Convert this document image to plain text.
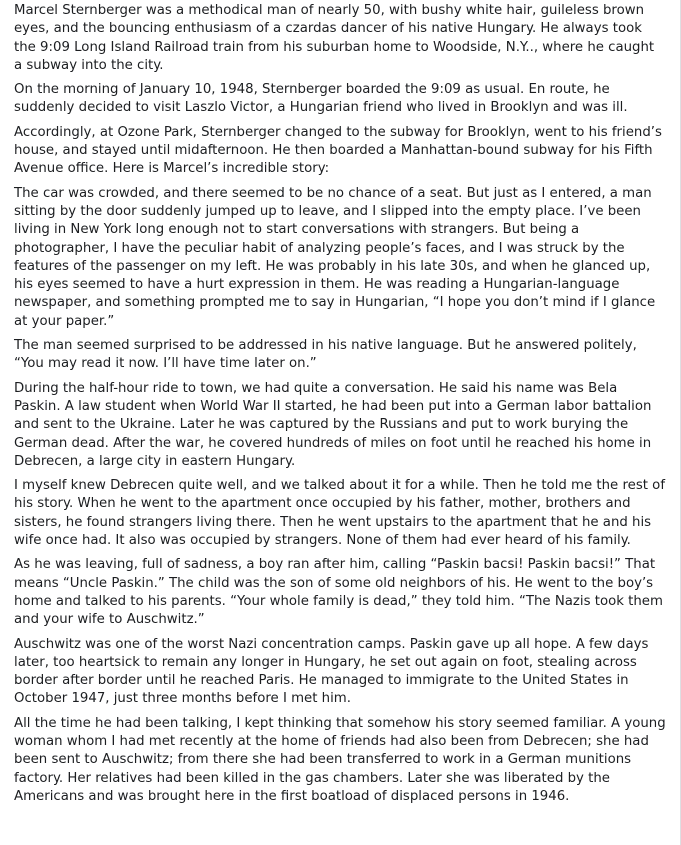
Marcel Sternberger was a methodical man of nearly 50, with bushy white hair, guileless brown eyes, and the bouncing enthusiasm of a czardas dancer of his native Hungary. He always took the 9:09 Long Island Railroad train from his suburban home to Woodside, N.Y.., where he caught a subway into the city.

On the morning of January 10, 1948, Sternberger boarded the 9:09 as usual. En route, he suddenly decided to visit Laszlo Victor, a Hungarian friend who lived in Brooklyn and was ill.

Accordingly, at Ozone Park, Sternberger changed to the subway for Brooklyn, went to his friend’s house, and stayed until midafternoon. He then boarded a Manhattan-bound subway for his Fifth Avenue office. Here is Marcel’s incredible story:

The car was crowded, and there seemed to be no chance of a seat. But just as I entered, a man sitting by the door suddenly jumped up to leave, and I slipped into the empty place. I’ve been living in New York long enough not to start conversations with strangers. But being a photographer, I have the peculiar habit of analyzing people’s faces, and I was struck by the features of the passenger on my left. He was probably in his late 30s, and when he glanced up, his eyes seemed to have a hurt expression in them. He was reading a Hungarian-language newspaper, and something prompted me to say in Hungarian, “I hope you don’t mind if I glance at your paper.”

The man seemed surprised to be addressed in his native language. But he answered politely, “You may read it now. I’ll have time later on.”

During the half-hour ride to town, we had quite a conversation. He said his name was Bela Paskin. A law student when World War II started, he had been put into a German labor battalion and sent to the Ukraine. Later he was captured by the Russians and put to work burying the German dead. After the war, he covered hundreds of miles on foot until he reached his home in Debrecen, a large city in eastern Hungary.

I myself knew Debrecen quite well, and we talked about it for a while. Then he told me the rest of his story. When he went to the apartment once occupied by his father, mother, brothers and sisters, he found strangers living there. Then he went upstairs to the apartment that he and his wife once had. It also was occupied by strangers. None of them had ever heard of his family.

As he was leaving, full of sadness, a boy ran after him, calling “Paskin bacsi! Paskin bacsi!” That means “Uncle Paskin.” The child was the son of some old neighbors of his. He went to the boy’s home and talked to his parents. “Your whole family is dead,” they told him. “The Nazis took them and your wife to Auschwitz.”

Auschwitz was one of the worst Nazi concentration camps. Paskin gave up all hope. A few days later, too heartsick to remain any longer in Hungary, he set out again on foot, stealing across border after border until he reached Paris. He managed to immigrate to the United States in October 1947, just three months before I met him.

All the time he had been talking, I kept thinking that somehow his story seemed familiar. A young woman whom I had met recently at the home of friends had also been from Debrecen; she had been sent to Auschwitz; from there she had been transferred to work in a German munitions factory. Her relatives had been killed in the gas chambers. Later she was liberated by the Americans and was brought here in the first boatload of displaced persons in 1946.
